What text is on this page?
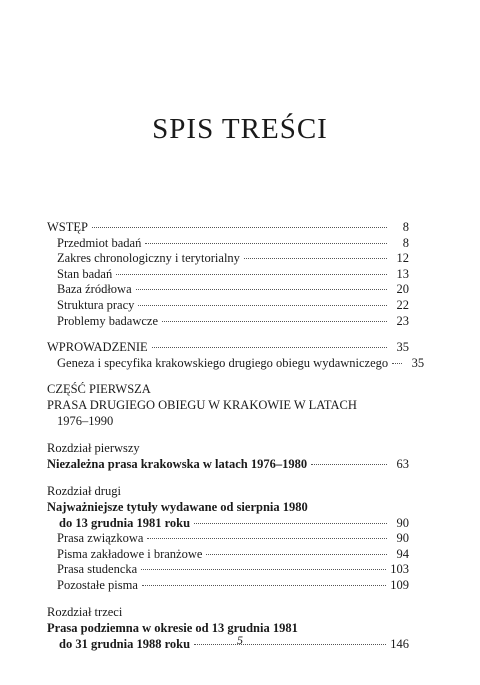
SPIS TREŚCI
WSTĘP	8
Przedmiot badań	8
Zakres chronologiczny i terytorialny	12
Stan badań	13
Baza źródłowa	20
Struktura pracy	22
Problemy badawcze	23
WPROWADZENIE	35
Geneza i specyfika krakowskiego drugiego obiegu wydawniczego	35
CZĘŚĆ PIERWSZA
PRASA DRUGIEGO OBIEGU W KRAKOWIE W LATACH
1976–1990
Rozdział pierwszy
Niezależna prasa krakowska w latach 1976–1980	63
Rozdział drugi
Najważniejsze tytuły wydawane od sierpnia 1980
do 13 grudnia 1981 roku	90
Prasa związkowa	90
Pisma zakładowe i branżowe	94
Prasa studencka	103
Pozostałe pisma	109
Rozdział trzeci
Prasa podziemna w okresie od 13 grudnia 1981
do 31 grudnia 1988 roku	146
5
